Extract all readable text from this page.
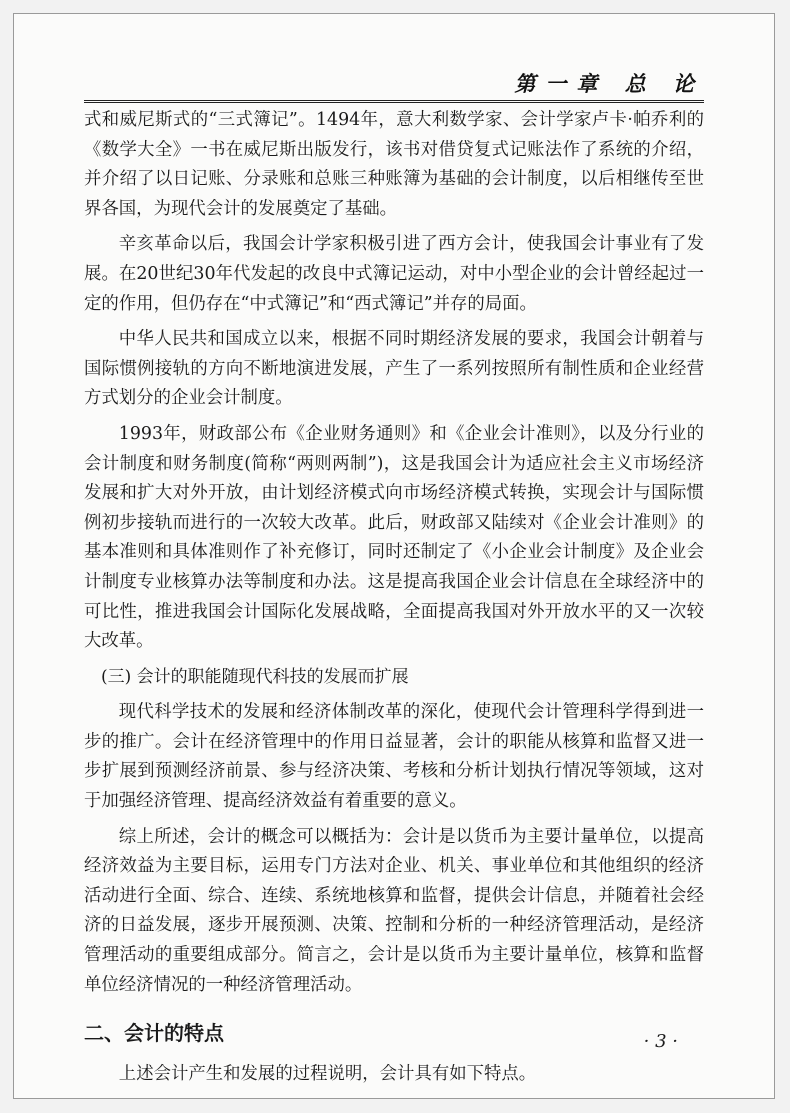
第一章 总 论

式和威尼斯式的“三式簿记”。1494年，意大利数学家、会计学家卢卡·帕乔利的《数学大全》一书在威尼斯出版发行，该书对借贷复式记账法作了系统的介绍，并介绍了以日记账、分录账和总账三种账簿为基础的会计制度，以后相继传至世界各国，为现代会计的发展奠定了基础。

辛亥革命以后，我国会计学家积极引进了西方会计，使我国会计事业有了发展。在20世纪30年代发起的改良中式簿记运动，对中小型企业的会计曾经起过一定的作用，但仍存在“中式簿记”和“西式簿记”并存的局面。

中华人民共和国成立以来，根据不同时期经济发展的要求，我国会计朝着与国际惯例接轨的方向不断地演进发展，产生了一系列按照所有制性质和企业经营方式划分的企业会计制度。

1993年，财政部公布《企业财务通则》和《企业会计准则》，以及分行业的会计制度和财务制度(简称“两则两制”)，这是我国会计为适应社会主义市场经济发展和扩大对外开放，由计划经济模式向市场经济模式转换，实现会计与国际惯例初步接轨而进行的一次较大改革。此后，财政部又陆续对《企业会计准则》的基本准则和具体准则作了补充修订，同时还制定了《小企业会计制度》及企业会计制度专业核算办法等制度和办法。这是提高我国企业会计信息在全球经济中的可比性，推进我国会计国际化发展战略，全面提高我国对外开放水平的又一次较大改革。

(三) 会计的职能随现代科技的发展而扩展

现代科学技术的发展和经济体制改革的深化，使现代会计管理科学得到进一步的推广。会计在经济管理中的作用日益显著，会计的职能从核算和监督又进一步扩展到预测经济前景、参与经济决策、考核和分析计划执行情况等领域，这对于加强经济管理、提高经济效益有着重要的意义。

综上所述，会计的概念可以概括为：会计是以货币为主要计量单位，以提高经济效益为主要目标，运用专门方法对企业、机关、事业单位和其他组织的经济活动进行全面、综合、连续、系统地核算和监督，提供会计信息，并随着社会经济的日益发展，逐步开展预测、决策、控制和分析的一种经济管理活动，是经济管理活动的重要组成部分。简言之，会计是以货币为主要计量单位，核算和监督单位经济情况的一种经济管理活动。

二、会计的特点

上述会计产生和发展的过程说明，会计具有如下特点。

· 3 ·
